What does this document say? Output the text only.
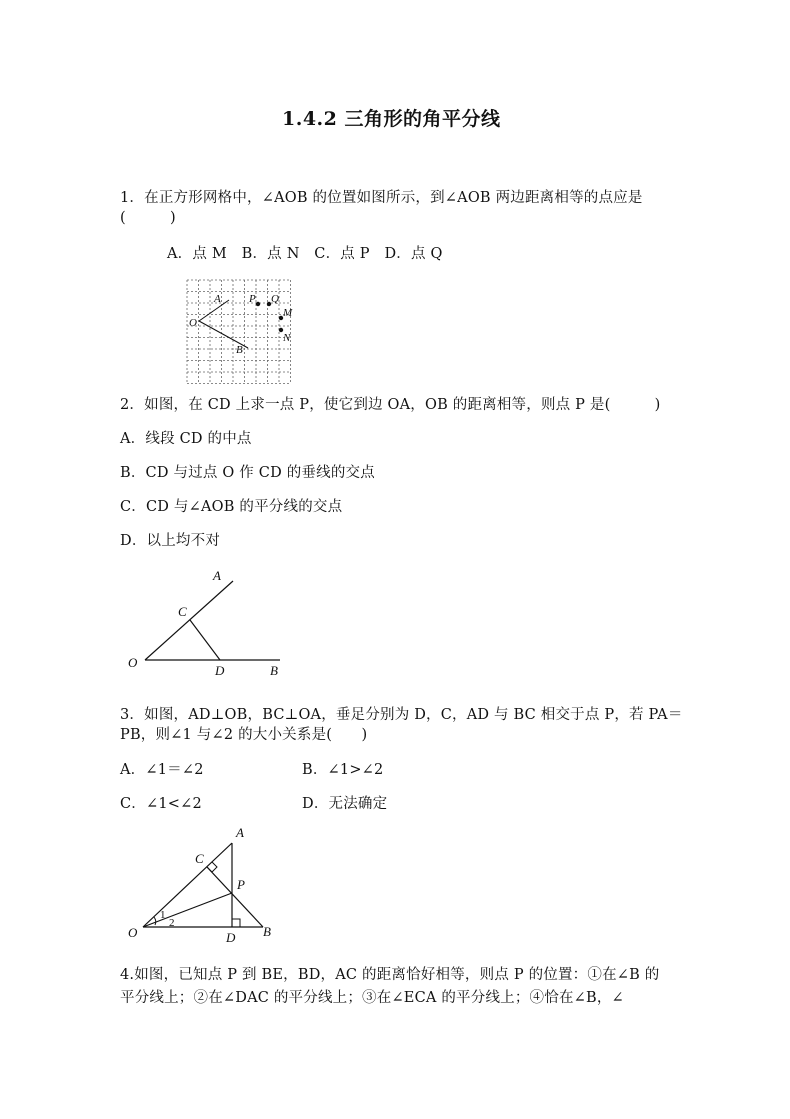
1.4.2 三角形的角平分线
1．在正方形网格中，∠AOB 的位置如图所示，到∠AOB 两边距离相等的点应是
(　　　)
A．点 M　B．点 N　C．点 P　D．点 Q
A
O
B
P Q
M
N
2．如图，在 CD 上求一点 P，使它到边 OA，OB 的距离相等，则点 P 是(　　　)
A．线段 CD 的中点
B．CD 与过点 O 作 CD 的垂线的交点
C．CD 与∠AOB 的平分线的交点
D．以上均不对
A
C
O
D	B
3．如图，AD⊥OB，BC⊥OA，垂足分别为 D，C，AD 与 BC 相交于点 P，若 PA＝
PB，则∠1 与∠2 的大小关系是(　　)
A．∠1＝∠2	B．∠1>∠2
C．∠1<∠2	D．无法确定
A
C
P
O	D B
1
2
4.如图，已知点 P 到 BE，BD，AC 的距离恰好相等，则点 P 的位置：①在∠B 的
平分线上；②在∠DAC 的平分线上；③在∠ECA 的平分线上；④恰在∠B，∠
